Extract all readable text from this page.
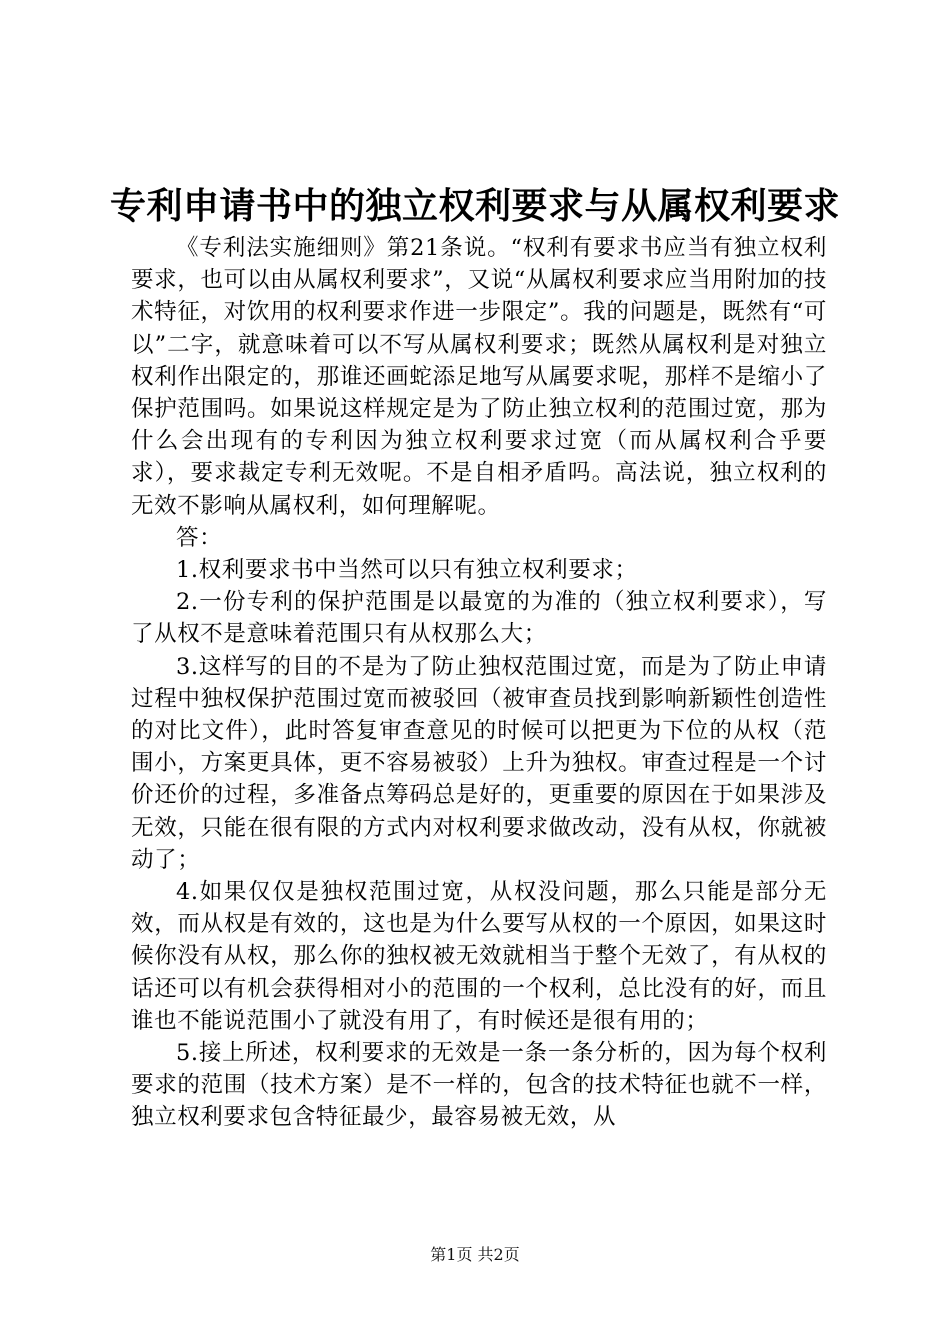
专利申请书中的独立权利要求与从属权利要求

《专利法实施细则》第21条说。“权利有要求书应当有独立权利要求，也可以由从属权利要求”，又说“从属权利要求应当用附加的技术特征，对饮用的权利要求作进一步限定”。我的问题是，既然有“可以”二字，就意味着可以不写从属权利要求；既然从属权利是对独立权利作出限定的，那谁还画蛇添足地写从属要求呢，那样不是缩小了保护范围吗。如果说这样规定是为了防止独立权利的范围过宽，那为什么会出现有的专利因为独立权利要求过宽（而从属权利合乎要求），要求裁定专利无效呢。不是自相矛盾吗。高法说，独立权利的无效不影响从属权利，如何理解呢。

答：

1.权利要求书中当然可以只有独立权利要求；

2.一份专利的保护范围是以最宽的为准的（独立权利要求），写了从权不是意味着范围只有从权那么大；

3.这样写的目的不是为了防止独权范围过宽，而是为了防止申请过程中独权保护范围过宽而被驳回（被审查员找到影响新颖性创造性的对比文件），此时答复审查意见的时候可以把更为下位的从权（范围小，方案更具体，更不容易被驳）上升为独权。审查过程是一个讨价还价的过程，多准备点筹码总是好的，更重要的原因在于如果涉及无效，只能在很有限的方式内对权利要求做改动，没有从权，你就被动了；

4.如果仅仅是独权范围过宽，从权没问题，那么只能是部分无效，而从权是有效的，这也是为什么要写从权的一个原因，如果这时候你没有从权，那么你的独权被无效就相当于整个无效了，有从权的话还可以有机会获得相对小的范围的一个权利，总比没有的好，而且谁也不能说范围小了就没有用了，有时候还是很有用的；

5.接上所述，权利要求的无效是一条一条分析的，因为每个权利要求的范围（技术方案）是不一样的，包含的技术特征也就不一样，独立权利要求包含特征最少，最容易被无效，从

第1页 共2页
